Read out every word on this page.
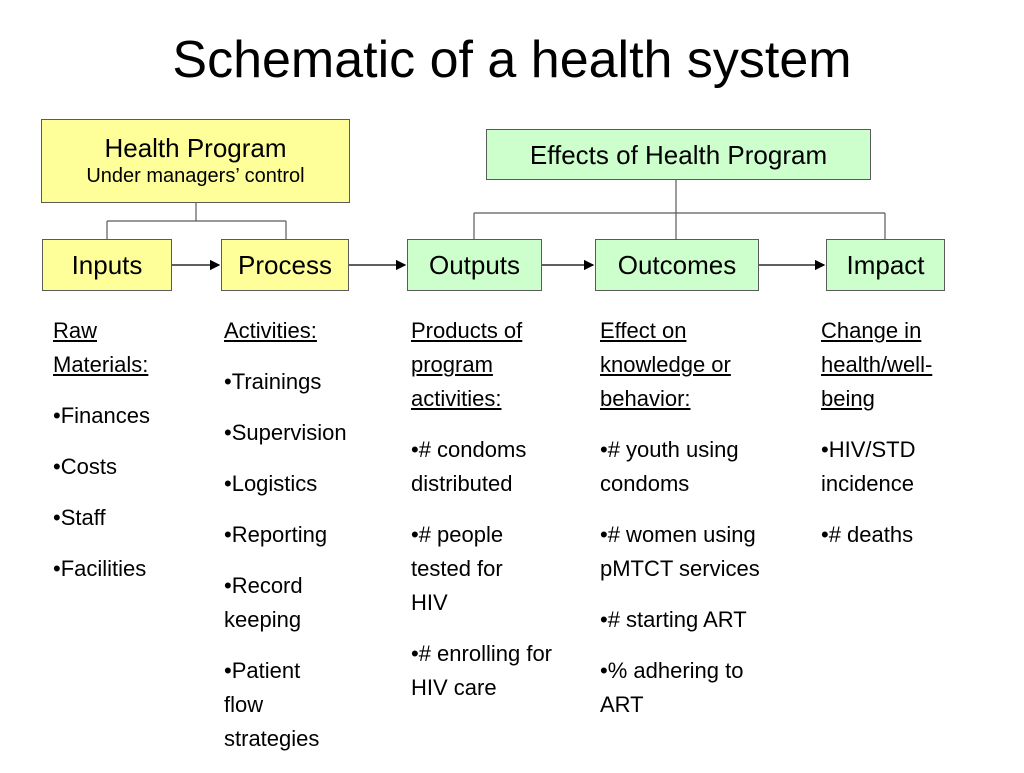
Schematic of a health system
Health Program
Under managers’ control
Effects of Health Program
Inputs	Process	Outputs	Outcomes	Impact
Raw Materials:
•Finances
•Costs
•Staff
•Facilities
Activities:
•Trainings
•Supervision
•Logistics
•Reporting
•Record keeping
•Patient flow strategies
Products of program activities:
•# condoms distributed
•# people tested for HIV
•# enrolling for HIV care
Effect on knowledge or behavior:
•# youth using condoms
•# women using pMTCT services
•# starting ART
•% adhering to ART
Change in health/well-being
•HIV/STD incidence
•# deaths
